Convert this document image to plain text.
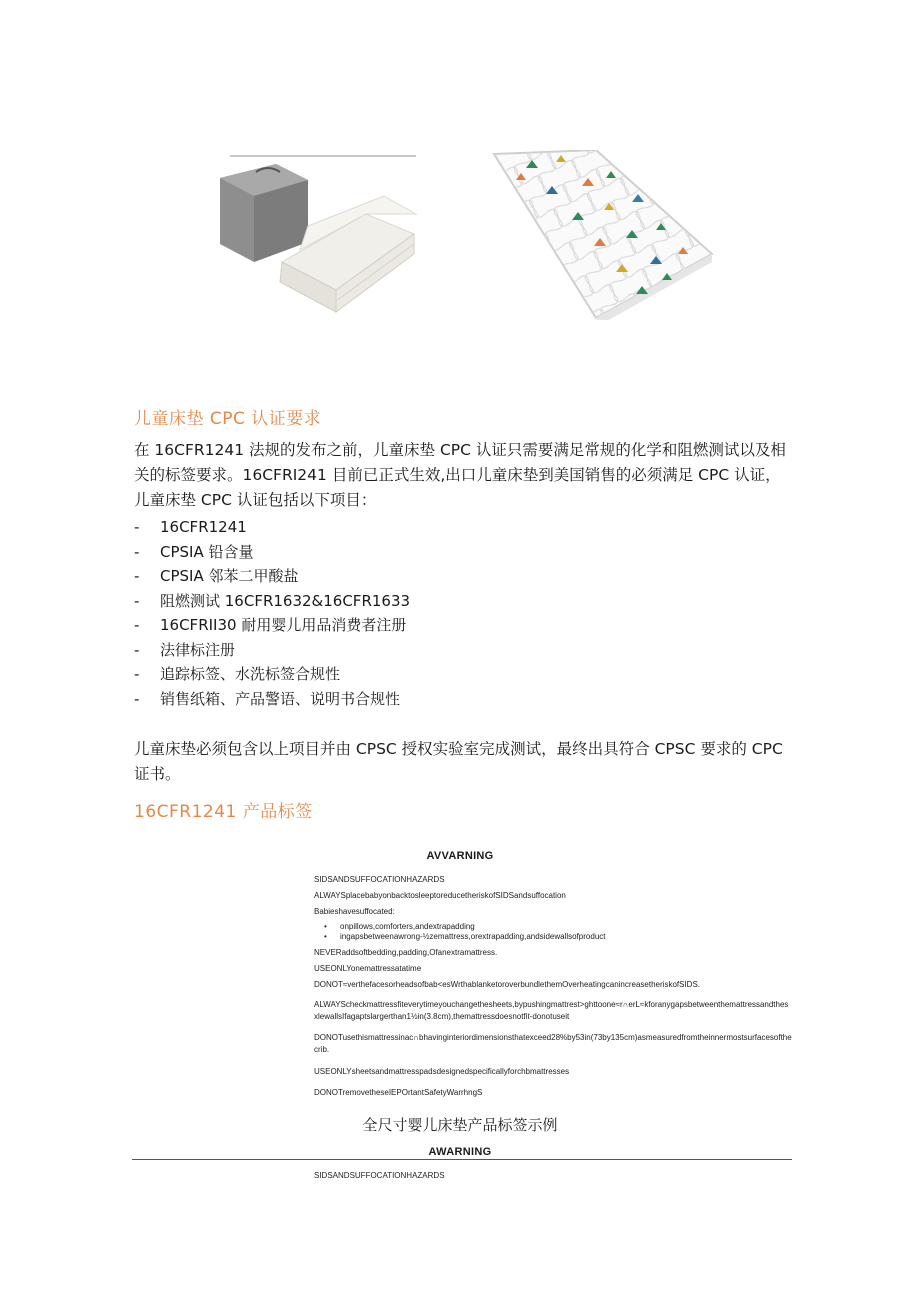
儿童床垫 CPC 认证要求
在 16CFR1241 法规的发布之前，儿童床垫 CPC 认证只需要满足常规的化学和阻燃测试以及相关的标签要求。16CFRI241 目前已正式生效,出口儿童床垫到美国销售的必须满足 CPC 认证，儿童床垫 CPC 认证包括以下项目：
- 16CFR1241
- CPSIA 铅含量
- CPSIA 邻苯二甲酸盐
- 阻燃测试 16CFR1632&16CFR1633
- 16CFRII30 耐用婴儿用品消费者注册
- 法律标注册
- 追踪标签、水洗标签合规性
- 销售纸箱、产品警语、说明书合规性
儿童床垫必须包含以上项目并由 CPSC 授权实验室完成测试，最终出具符合 CPSC 要求的 CPC 证书。
16CFR1241 产品标签
AVVARNING
SIDSANDSUFFOCATIONHAZARDS
ALWAYSplacebabyonbacktosleeptoreducetheriskofSIDSandsuffocation
Babieshavesuffocated:
• onpillows,comforters,andextrapadding
• ingapsbetweenawrong-½zemattress,orextrapadding,andsidewallsofproduct
NEVERaddsoftbedding,padding,Ofanextramattress.
USEONLYonemattressatatime
DONOT≈verthefacesorheadsofbab<esWrthablanketoroverbundlethemOverheatingcanincreasetheriskofSIDS.
ALWAYScheckmattressfiteverytimeyouchangethesheets,bypushingmattrest>ghttoone≈r∩erL≈kforanygapsbetweenthemattressandthesxlewallsIfagaptslargerthan1½in(3.8cm),themattressdoesnotfit-donotuseit
DONOTusethismattressinac∩bhavinginteriordimensionsthatexceed28%by53in(73by135cm)asmeasuredfromtheinnermostsurfacesofthecrib.
USEONLYsheetsandmattresspadsdesignedspecificallyforchbmattresses
DONOTremovetheseIEPOrtantSafetyWarrhngS
全尺寸婴儿床垫产品标签示例
AWARNING
SIDSANDSUFFOCATIONHAZARDS
